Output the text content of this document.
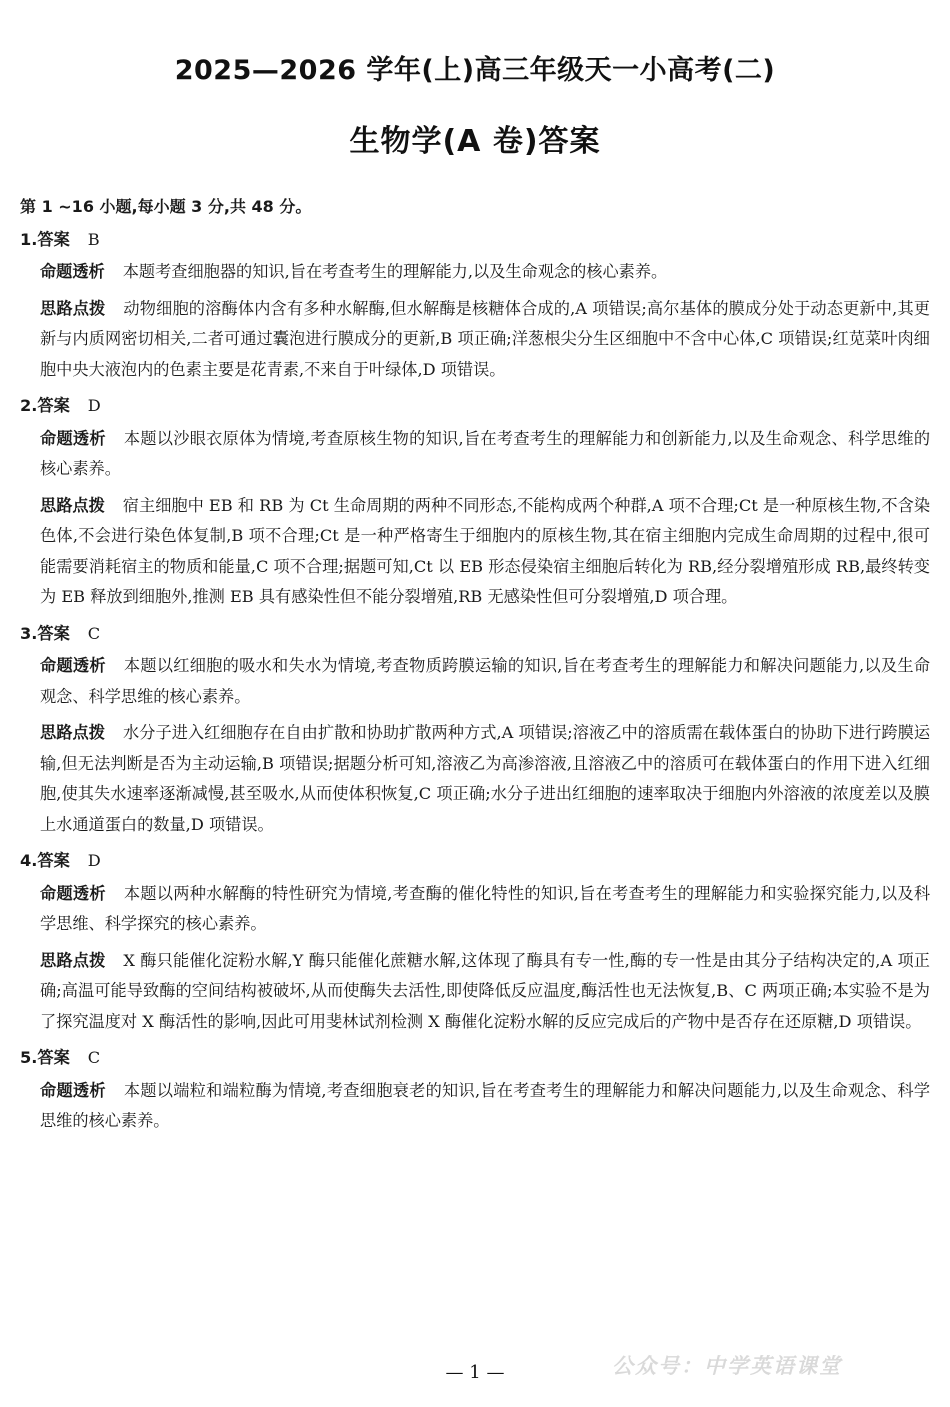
2025—2026 学年(上)高三年级天一小高考(二)
生物学(A 卷)答案
第 1 ~16 小题,每小题 3 分,共 48 分。
1.答案 B
命题透析 本题考查细胞器的知识,旨在考查考生的理解能力,以及生命观念的核心素养。
思路点拨 动物细胞的溶酶体内含有多种水解酶,但水解酶是核糖体合成的,A 项错误;高尔基体的膜成分处于动态更新中,其更新与内质网密切相关,二者可通过囊泡进行膜成分的更新,B 项正确;洋葱根尖分生区细胞中不含中心体,C 项错误;红苋菜叶肉细胞中央大液泡内的色素主要是花青素,不来自于叶绿体,D 项错误。
2.答案 D
命题透析 本题以沙眼衣原体为情境,考查原核生物的知识,旨在考查考生的理解能力和创新能力,以及生命观念、科学思维的核心素养。
思路点拨 宿主细胞中 EB 和 RB 为 Ct 生命周期的两种不同形态,不能构成两个种群,A 项不合理;Ct 是一种原核生物,不含染色体,不会进行染色体复制,B 项不合理;Ct 是一种严格寄生于细胞内的原核生物,其在宿主细胞内完成生命周期的过程中,很可能需要消耗宿主的物质和能量,C 项不合理;据题可知,Ct 以 EB 形态侵染宿主细胞后转化为 RB,经分裂增殖形成 RB,最终转变为 EB 释放到细胞外,推测 EB 具有感染性但不能分裂增殖,RB 无感染性但可分裂增殖,D 项合理。
3.答案 C
命题透析 本题以红细胞的吸水和失水为情境,考查物质跨膜运输的知识,旨在考查考生的理解能力和解决问题能力,以及生命观念、科学思维的核心素养。
思路点拨 水分子进入红细胞存在自由扩散和协助扩散两种方式,A 项错误;溶液乙中的溶质需在载体蛋白的协助下进行跨膜运输,但无法判断是否为主动运输,B 项错误;据题分析可知,溶液乙为高渗溶液,且溶液乙中的溶质可在载体蛋白的作用下进入红细胞,使其失水速率逐渐减慢,甚至吸水,从而使体积恢复,C 项正确;水分子进出红细胞的速率取决于细胞内外溶液的浓度差以及膜上水通道蛋白的数量,D 项错误。
4.答案 D
命题透析 本题以两种水解酶的特性研究为情境,考查酶的催化特性的知识,旨在考查考生的理解能力和实验探究能力,以及科学思维、科学探究的核心素养。
思路点拨 X 酶只能催化淀粉水解,Y 酶只能催化蔗糖水解,这体现了酶具有专一性,酶的专一性是由其分子结构决定的,A 项正确;高温可能导致酶的空间结构被破坏,从而使酶失去活性,即使降低反应温度,酶活性也无法恢复,B、C 两项正确;本实验不是为了探究温度对 X 酶活性的影响,因此可用斐林试剂检测 X 酶催化淀粉水解的反应完成后的产物中是否存在还原糖,D 项错误。
5.答案 C
命题透析 本题以端粒和端粒酶为情境,考查细胞衰老的知识,旨在考查考生的理解能力和解决问题能力,以及生命观念、科学思维的核心素养。
公众号：中学英语课堂
— 1 —
